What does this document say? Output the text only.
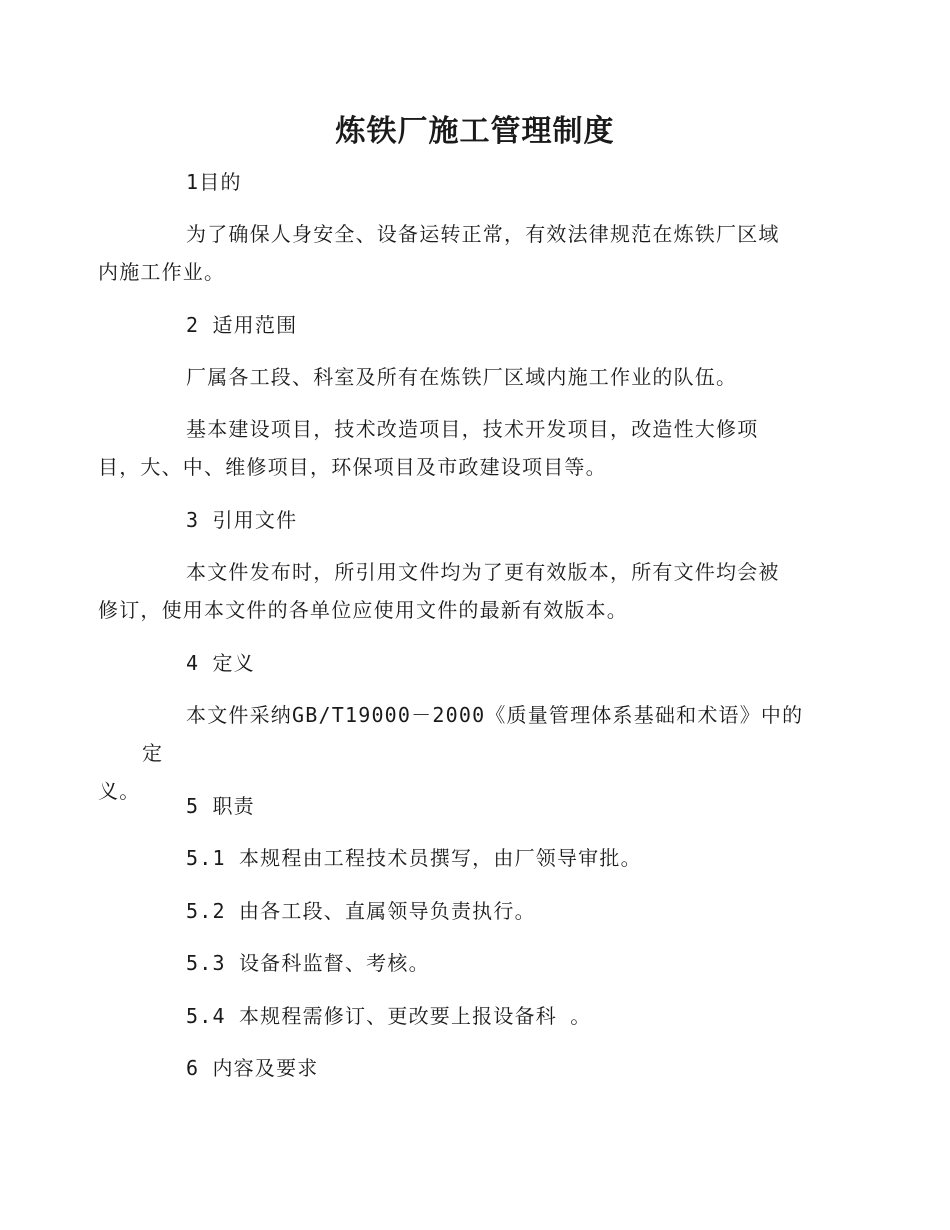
炼铁厂施工管理制度

1目的

为了确保人身安全、设备运转正常，有效法律规范在炼铁厂区域
内施工作业。

2 适用范围

厂属各工段、科室及所有在炼铁厂区域内施工作业的队伍。

基本建设项目，技术改造项目，技术开发项目，改造性大修项
目，大、中、维修项目，环保项目及市政建设项目等。

3 引用文件

本文件发布时，所引用文件均为了更有效版本，所有文件均会被
修订，使用本文件的各单位应使用文件的最新有效版本。

4 定义

本文件采纳GB/T19000－2000《质量管理体系基础和术语》中的定
义。

5 职责

5.1 本规程由工程技术员撰写，由厂领导审批。

5.2 由各工段、直属领导负责执行。

5.3 设备科监督、考核。

5.4 本规程需修订、更改要上报设备科 。

6 内容及要求
